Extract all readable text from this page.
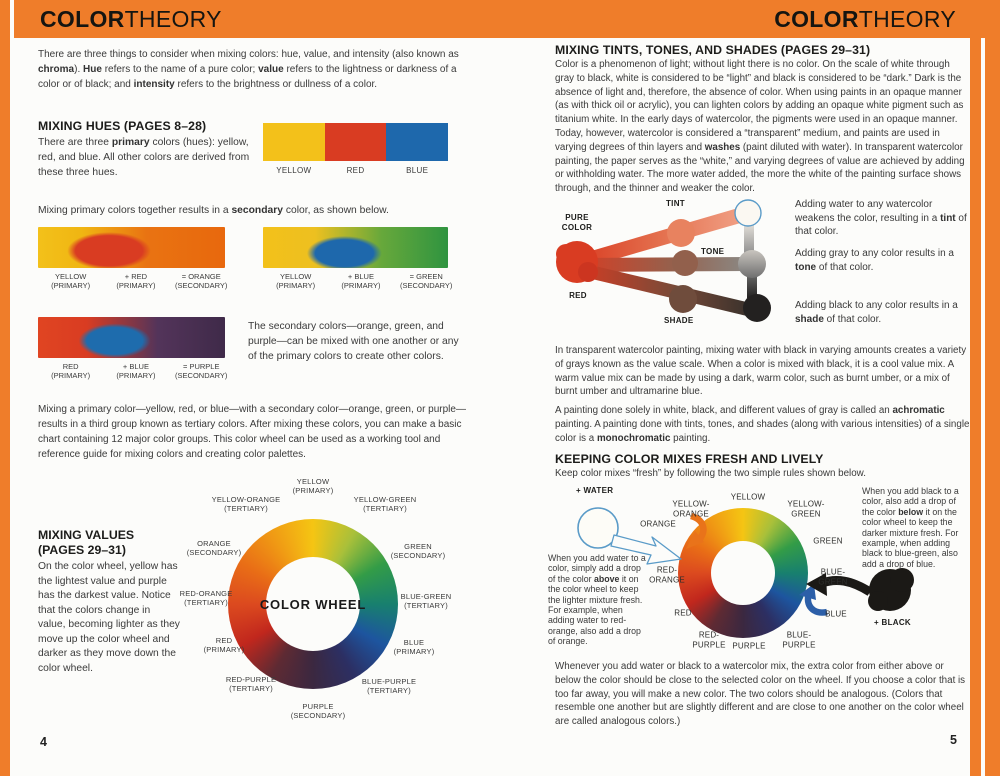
COLORTHEORY	COLORTHEORY
There are three things to consider when mixing colors: hue, value, and intensity (also known as chroma). Hue refers to the name of a pure color; value refers to the lightness or darkness of a color or of black; and intensity refers to the brightness or dullness of a color.
MIXING HUES (PAGES 8–28)
There are three primary colors (hues): yellow, red, and blue. All other colors are derived from these three hues.	YELLOW	RED	BLUE
Mixing primary colors together results in a secondary color, as shown below.
YELLOW
(PRIMARY)
+ RED
(PRIMARY)
= ORANGE
(SECONDARY)
YELLOW
(PRIMARY)
+ BLUE
(PRIMARY)
= GREEN
(SECONDARY)
RED
(PRIMARY)
+ BLUE
(PRIMARY)
= PURPLE
(SECONDARY)
The secondary colors—orange, green, and purple—can be mixed with one another or any of the primary colors to create other colors.
Mixing a primary color—yellow, red, or blue—with a secondary color—orange, green, or purple—results in a third group known as tertiary colors. After mixing these colors, you can make a basic chart containing 12 major color groups. This color wheel can be used as a working tool and reference guide for mixing colors and creating color palettes.
MIXING VALUES
(PAGES 29–31)
On the color wheel, yellow has the lightest value and purple has the darkest value. Notice that the colors change in value, becoming lighter as they move up the color wheel and darker as they move down the color wheel.
COLOR WHEEL
YELLOW
(PRIMARY)
YELLOW-ORANGE
(TERTIARY)
YELLOW-GREEN
(TERTIARY)
ORANGE
(SECONDARY)
GREEN
(SECONDARY)
RED-ORANGE
(TERTIARY)
BLUE-GREEN
(TERTIARY)
RED
(PRIMARY)
BLUE
(PRIMARY)
RED-PURPLE
(TERTIARY)
BLUE-PURPLE
(TERTIARY)
PURPLE
(SECONDARY)
4
MIXING TINTS, TONES, AND SHADES (PAGES 29–31)
Color is a phenomenon of light; without light there is no color. On the scale of white through gray to black, white is considered to be “light” and black is considered to be “dark.” Dark is the absence of light and, therefore, the absence of color. When using paints in an opaque manner (as with thick oil or acrylic), you can lighten colors by adding an opaque white pigment such as titanium white. In the early days of watercolor, the pigments were used in an opaque manner. Today, however, watercolor is considered a “transparent” medium, and paints are used in varying degrees of thin layers and washes (paint diluted with water). In transparent watercolor painting, the paper serves as the “white,” and varying degrees of value are achieved by adding or withholding water. The more water added, the more the white of the painting surface shows through, and the thinner and weaker the color.
PURE
COLOR
RED
TINT
TONE
SHADE
Adding water to any watercolor weakens the color, resulting in a tint of that color.
Adding gray to any color results in a tone of that color.
Adding black to any color results in a shade of that color.
In transparent watercolor painting, mixing water with black in varying amounts creates a variety of grays known as the value scale. When a color is mixed with black, it is a cool value mix. A warm value mix can be made by using a dark, warm color, such as burnt umber, or a mix of burnt umber and ultramarine blue.
A painting done solely in white, black, and different values of gray is called an achromatic painting. A painting done with tints, tones, and shades (along with various intensities) of a single color is a monochromatic painting.
KEEPING COLOR MIXES FRESH AND LIVELY
Keep color mixes “fresh” by following the two simple rules shown below.
+ WATER
+ BLACK
YELLOW
YELLOW-
ORANGE
YELLOW-
GREEN
ORANGE
GREEN
RED-
ORANGE
BLUE-
GREEN
RED	BLUE
RED-
PURPLE PURPLE
BLUE-
PURPLE
When you add water to a color, simply add a drop of the color above it on the color wheel to keep the lighter mixture fresh. For example, when adding water to red-orange, also add a drop of orange.
When you add black to a color, also add a drop of the color below it on the color wheel to keep the darker mixture fresh. For example, when adding black to blue-green, also add a drop of blue.
Whenever you add water or black to a watercolor mix, the extra color from either above or below the color should be close to the selected color on the wheel. If you choose a color that is too far away, you will make a new color. The two colors should be analogous. (Colors that resemble one another but are slightly different and are close to one another on the color wheel are called analogous colors.)
5
